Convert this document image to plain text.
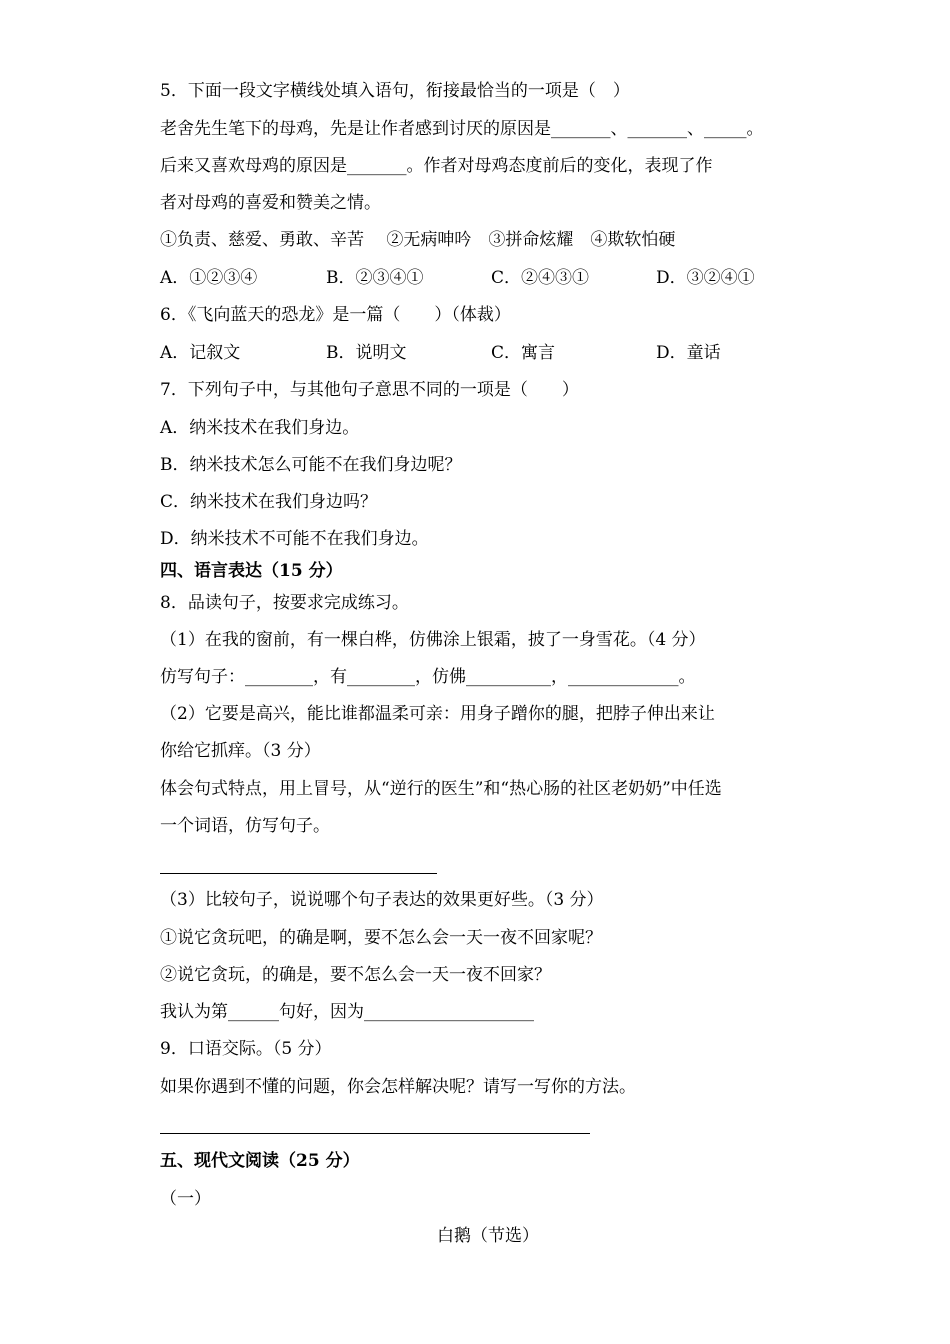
5．下面一段文字横线处填入语句，衔接最恰当的一项是（　）
老舍先生笔下的母鸡，先是让作者感到讨厌的原因是_______、_______、_____。
后来又喜欢母鸡的原因是_______。作者对母鸡态度前后的变化，表现了作
者对母鸡的喜爱和赞美之情。
①负责、慈爱、勇敢、辛苦　 ②无病呻吟　③拼命炫耀　④欺软怕硬
A．①②③④	B．②③④①	C．②④③①	D．③②④①
6．《飞向蓝天的恐龙》是一篇（　　）（体裁）
A．记叙文	B．说明文	C．寓言	D．童话
7．下列句子中，与其他句子意思不同的一项是（　　）
A．纳米技术在我们身边。
B．纳米技术怎么可能不在我们身边呢？
C．纳米技术在我们身边吗？
D．纳米技术不可能不在我们身边。
四、语言表达（15 分）
8．品读句子，按要求完成练习。
（1）在我的窗前，有一棵白桦，仿佛涂上银霜，披了一身雪花。（4 分）
仿写句子：________，有________，仿佛__________，_____________。
（2）它要是高兴，能比谁都温柔可亲：用身子蹭你的腿，把脖子伸出来让
你给它抓痒。（3 分）
体会句式特点，用上冒号，从“逆行的医生”和“热心肠的社区老奶奶”中任选
一个词语，仿写句子。
（3）比较句子，说说哪个句子表达的效果更好些。（3 分）
①说它贪玩吧，的确是啊，要不怎么会一天一夜不回家呢？
②说它贪玩，的确是，要不怎么会一天一夜不回家？
我认为第______句好，因为____________________
9．口语交际。（5 分）
如果你遇到不懂的问题，你会怎样解决呢？请写一写你的方法。
五、现代文阅读（25 分）
（一）
白鹅（节选）
